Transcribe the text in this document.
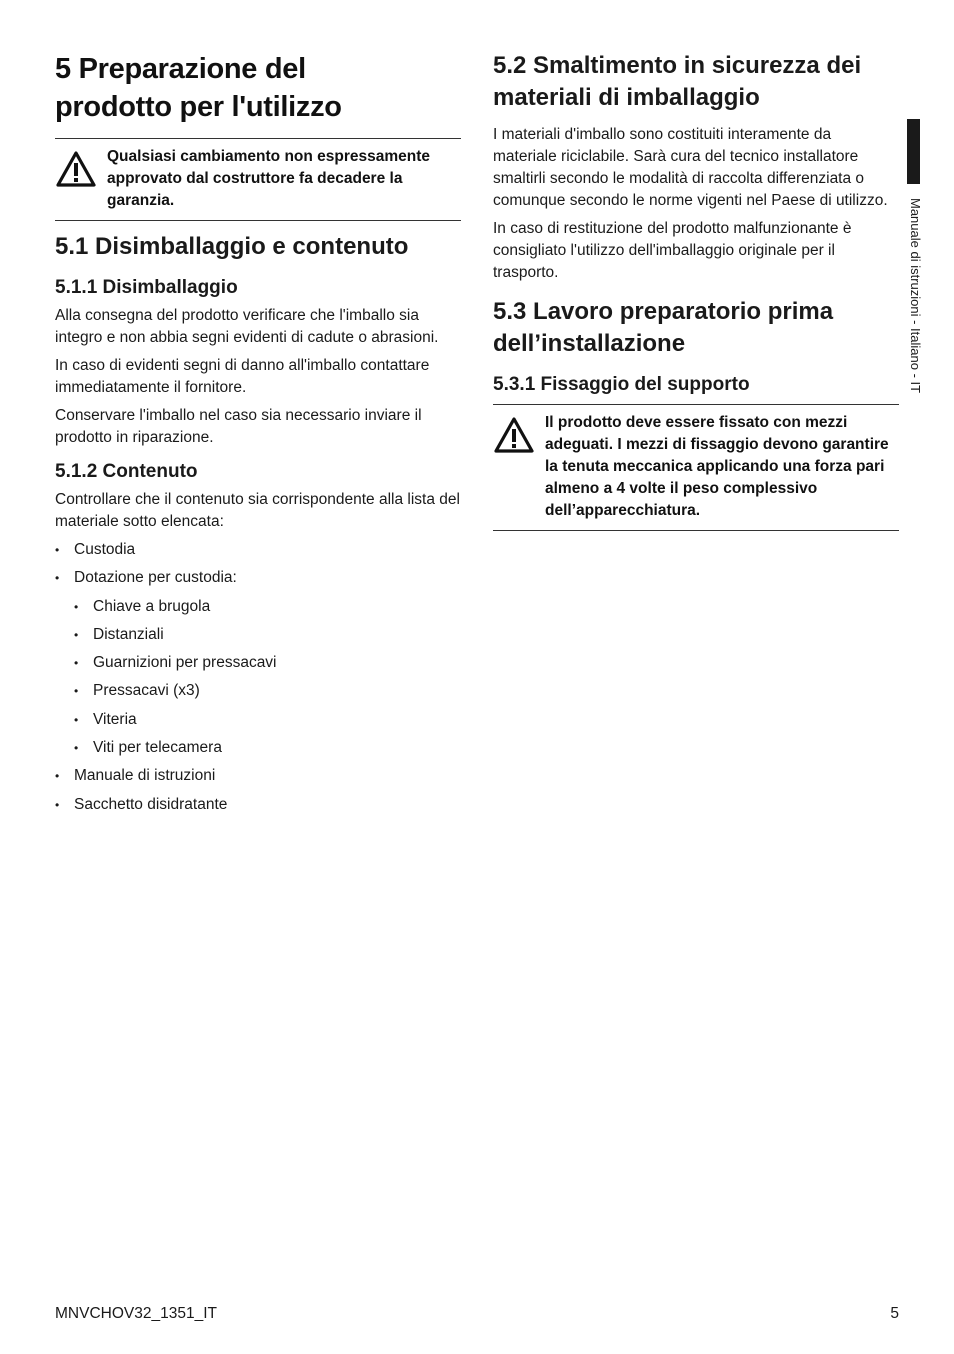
5 Preparazione del
prodotto per l'utilizzo
Qualsiasi cambiamento non espressamente approvato dal costruttore fa decadere la garanzia.
5.1 Disimballaggio e contenuto
5.1.1 Disimballaggio

Alla consegna del prodotto verificare che l'imballo sia integro e non abbia segni evidenti di cadute o abrasioni.

In caso di evidenti segni di danno all'imballo contattare immediatamente il fornitore.

Conservare l'imballo nel caso sia necessario inviare il prodotto in riparazione.

5.1.2 Contenuto

Controllare che il contenuto sia corrispondente alla lista del materiale sotto elencata:

• Custodia
• Dotazione per custodia:
• Chiave a brugola
• Distanziali
• Guarnizioni per pressacavi
• Pressacavi (x3)
• Viteria
• Viti per telecamera
• Manuale di istruzioni
• Sacchetto disidratante
5.2 Smaltimento in sicurezza dei materiali di imballaggio

I materiali d'imballo sono costituiti interamente da materiale riciclabile. Sarà cura del tecnico installatore smaltirli secondo le modalità di raccolta differenziata o comunque secondo le norme vigenti nel Paese di utilizzo.

In caso di restituzione del prodotto malfunzionante è consigliato l'utilizzo dell'imballaggio originale per il trasporto.

5.3 Lavoro preparatorio prima dell’installazione
5.3.1 Fissaggio del supporto
Il prodotto deve essere fissato con mezzi adeguati. I mezzi di fissaggio devono garantire la tenuta meccanica applicando una forza pari almeno a 4 volte il peso complessivo dell’apparecchiatura.
Manuale di istruzioni - Italiano - IT
MNVCHOV32_1351_IT	5
